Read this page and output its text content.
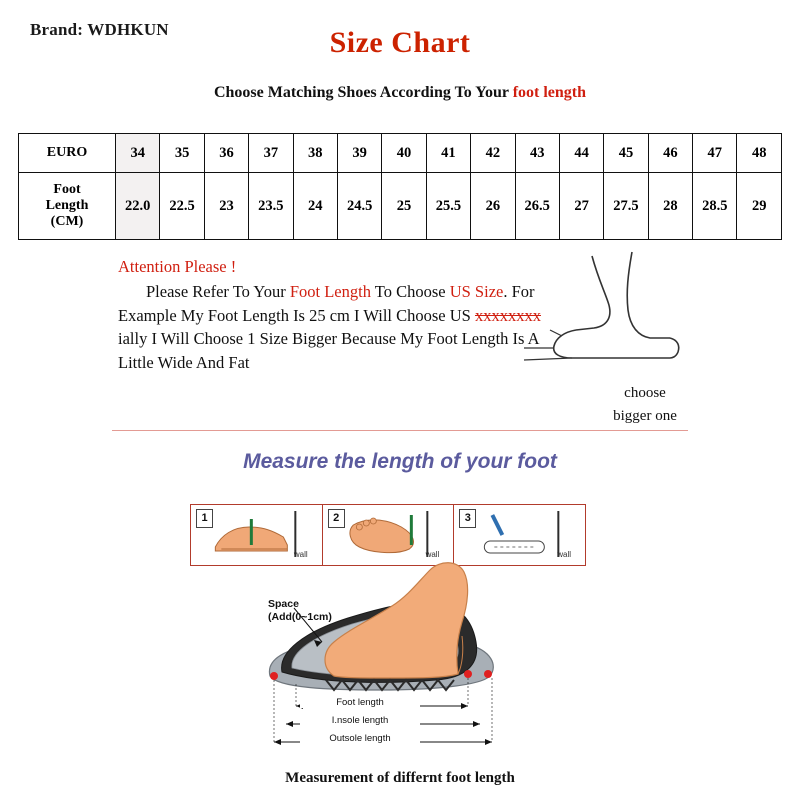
Brand: WDHKUN	Size Chart
Choose Matching Shoes According To Your foot length
EURO	34	35	36	37	38	39	40	41	42	43	44	45	46	47	48

Foot
Length
(CM)	22.0	22.5	23	23.5	24	24.5	25	25.5	26	26.5	27	27.5	28	28.5	29
Attention Please !

Please Refer To Your Foot Length To Choose US Size. For Example My Foot Length Is 25 cm I Will Choose US xxxxxxxx ially I Will Choose 1 Size Bigger Because My Foot Length Is A Little Wide And Fat

choose
bigger one
Measure the length of your foot
1
wall
2
wall
3
wall
Space
(Add(0~1cm)
Foot length
I.nsole length
Outsole length
Measurement of differnt foot length
